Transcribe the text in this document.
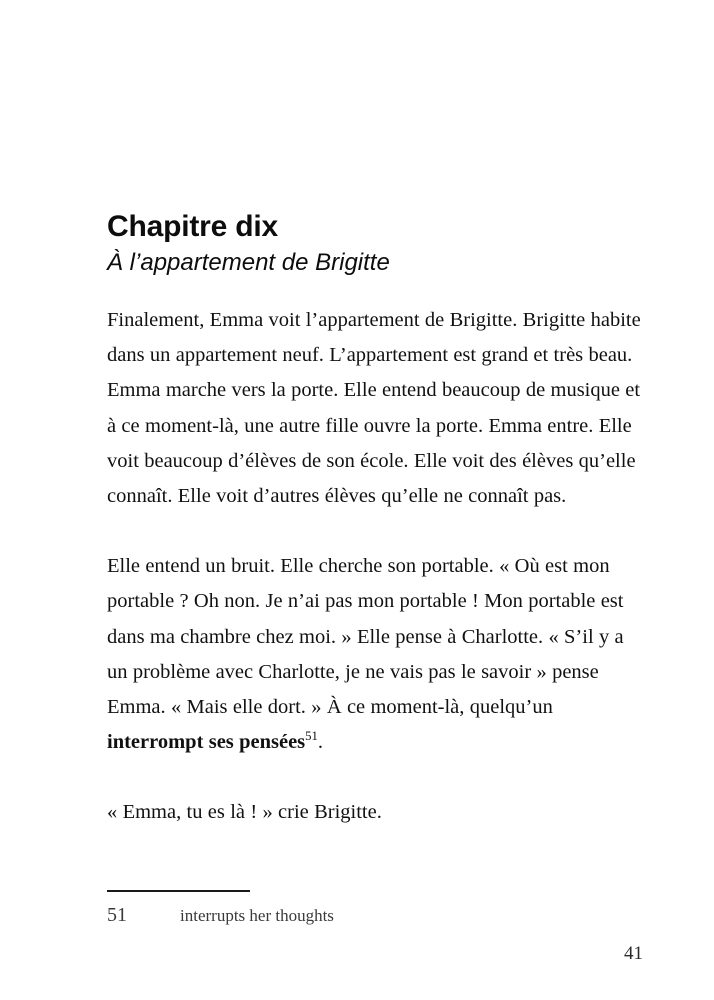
Chapitre dix
À l’appartement de Brigitte

Finalement, Emma voit l’appartement de Brigitte. Brigitte habite dans un appartement neuf. L’appartement est grand et très beau. Emma marche vers la porte. Elle entend beaucoup de musique et à ce moment-là, une autre fille ouvre la porte. Emma entre. Elle voit beaucoup d’élèves de son école. Elle voit des élèves qu’elle connaît. Elle voit d’autres élèves qu’elle ne connaît pas.

Elle entend un bruit. Elle cherche son portable. « Où est mon portable ? Oh non. Je n’ai pas mon portable ! Mon portable est dans ma chambre chez moi. » Elle pense à Charlotte. « S’il y a un problème avec Charlotte, je ne vais pas le savoir » pense Emma. « Mais elle dort. » À ce moment-là, quelqu’un interrompt ses pensées$^{51}$.

« Emma, tu es là ! » crie Brigitte.

51	interrupts her thoughts
41
